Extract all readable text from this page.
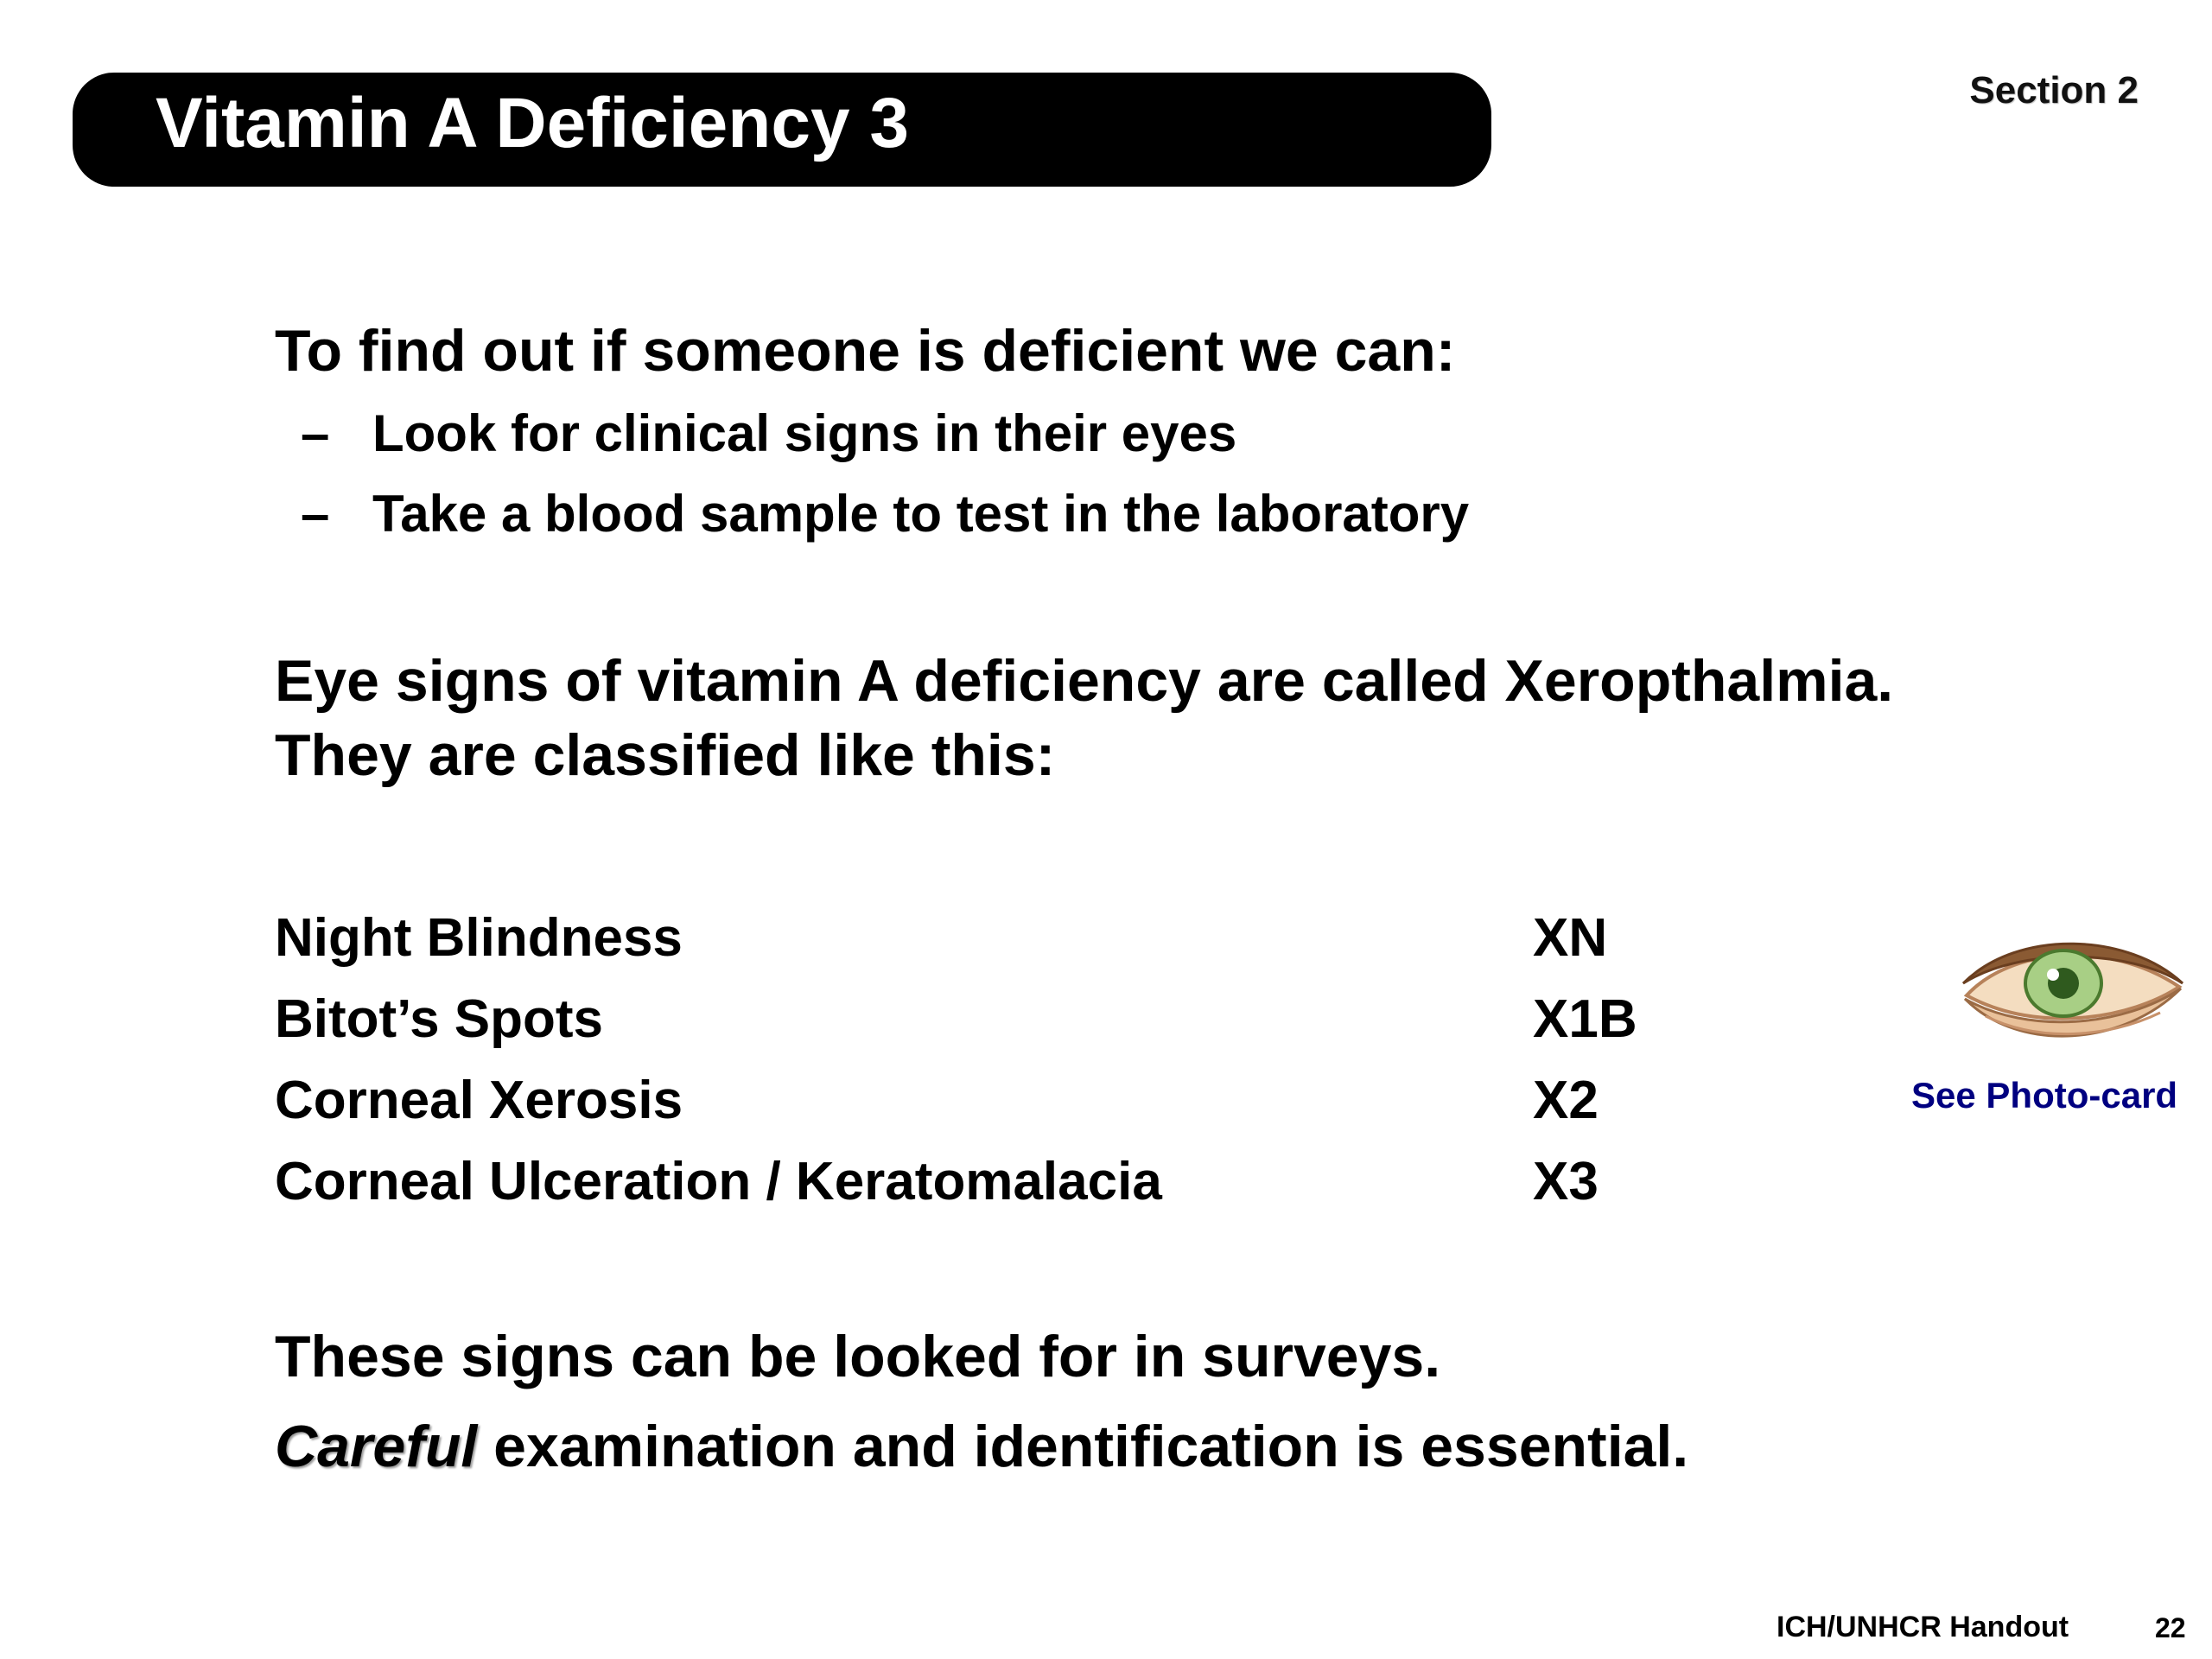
Vitamin A Deficiency 3	Section 2
To find out if someone is deficient we can:
– Look for clinical signs in their eyes
– Take a blood sample to test in the laboratory
Eye signs of vitamin A deficiency are called Xeropthalmia.
They are classified like this:
Night Blindness	XN
Bitot’s Spots	X1B
Corneal Xerosis	X2
Corneal Ulceration / Keratomalacia	X3
These signs can be looked for in surveys.
Careful examination and identification is essential.
See Photo-card
ICH/UNHCR Handout	22
